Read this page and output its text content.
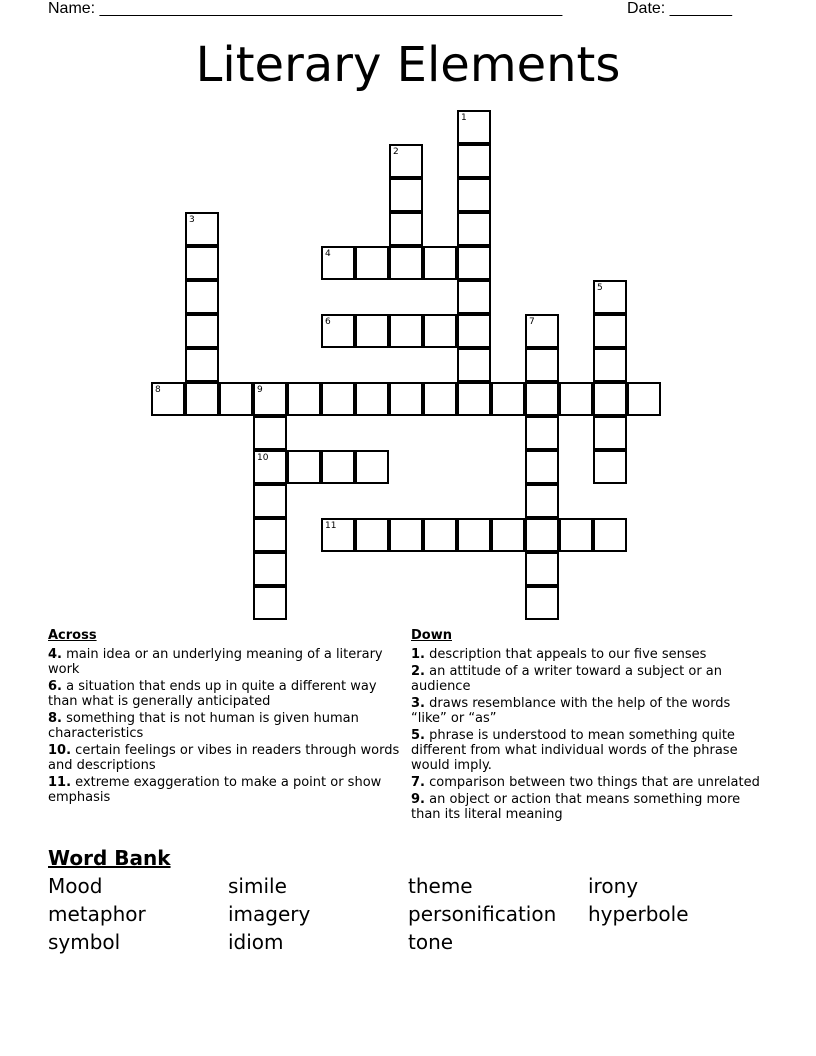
Name: ____________________________________________________	Date: _______
Literary Elements
1
2
3
5
7
9
10
4
6
8
11
Across
4. main idea or an underlying meaning of a literary work
6. a situation that ends up in quite a different way than what is generally anticipated
8. something that is not human is given human characteristics
10. certain feelings or vibes in readers through words and descriptions
11. extreme exaggeration to make a point or show emphasis
Down
1. description that appeals to our five senses
2. an attitude of a writer toward a subject or an audience
3. draws resemblance with the help of the words “like” or “as”
5. phrase is understood to mean something quite different from what individual words of the phrase would imply.
7. comparison between two things that are unrelated
9. an object or action that means something more than its literal meaning
Word Bank
Mood	simile	theme	irony
metaphor	imagery	personification	hyperbole
symbol	idiom	tone
